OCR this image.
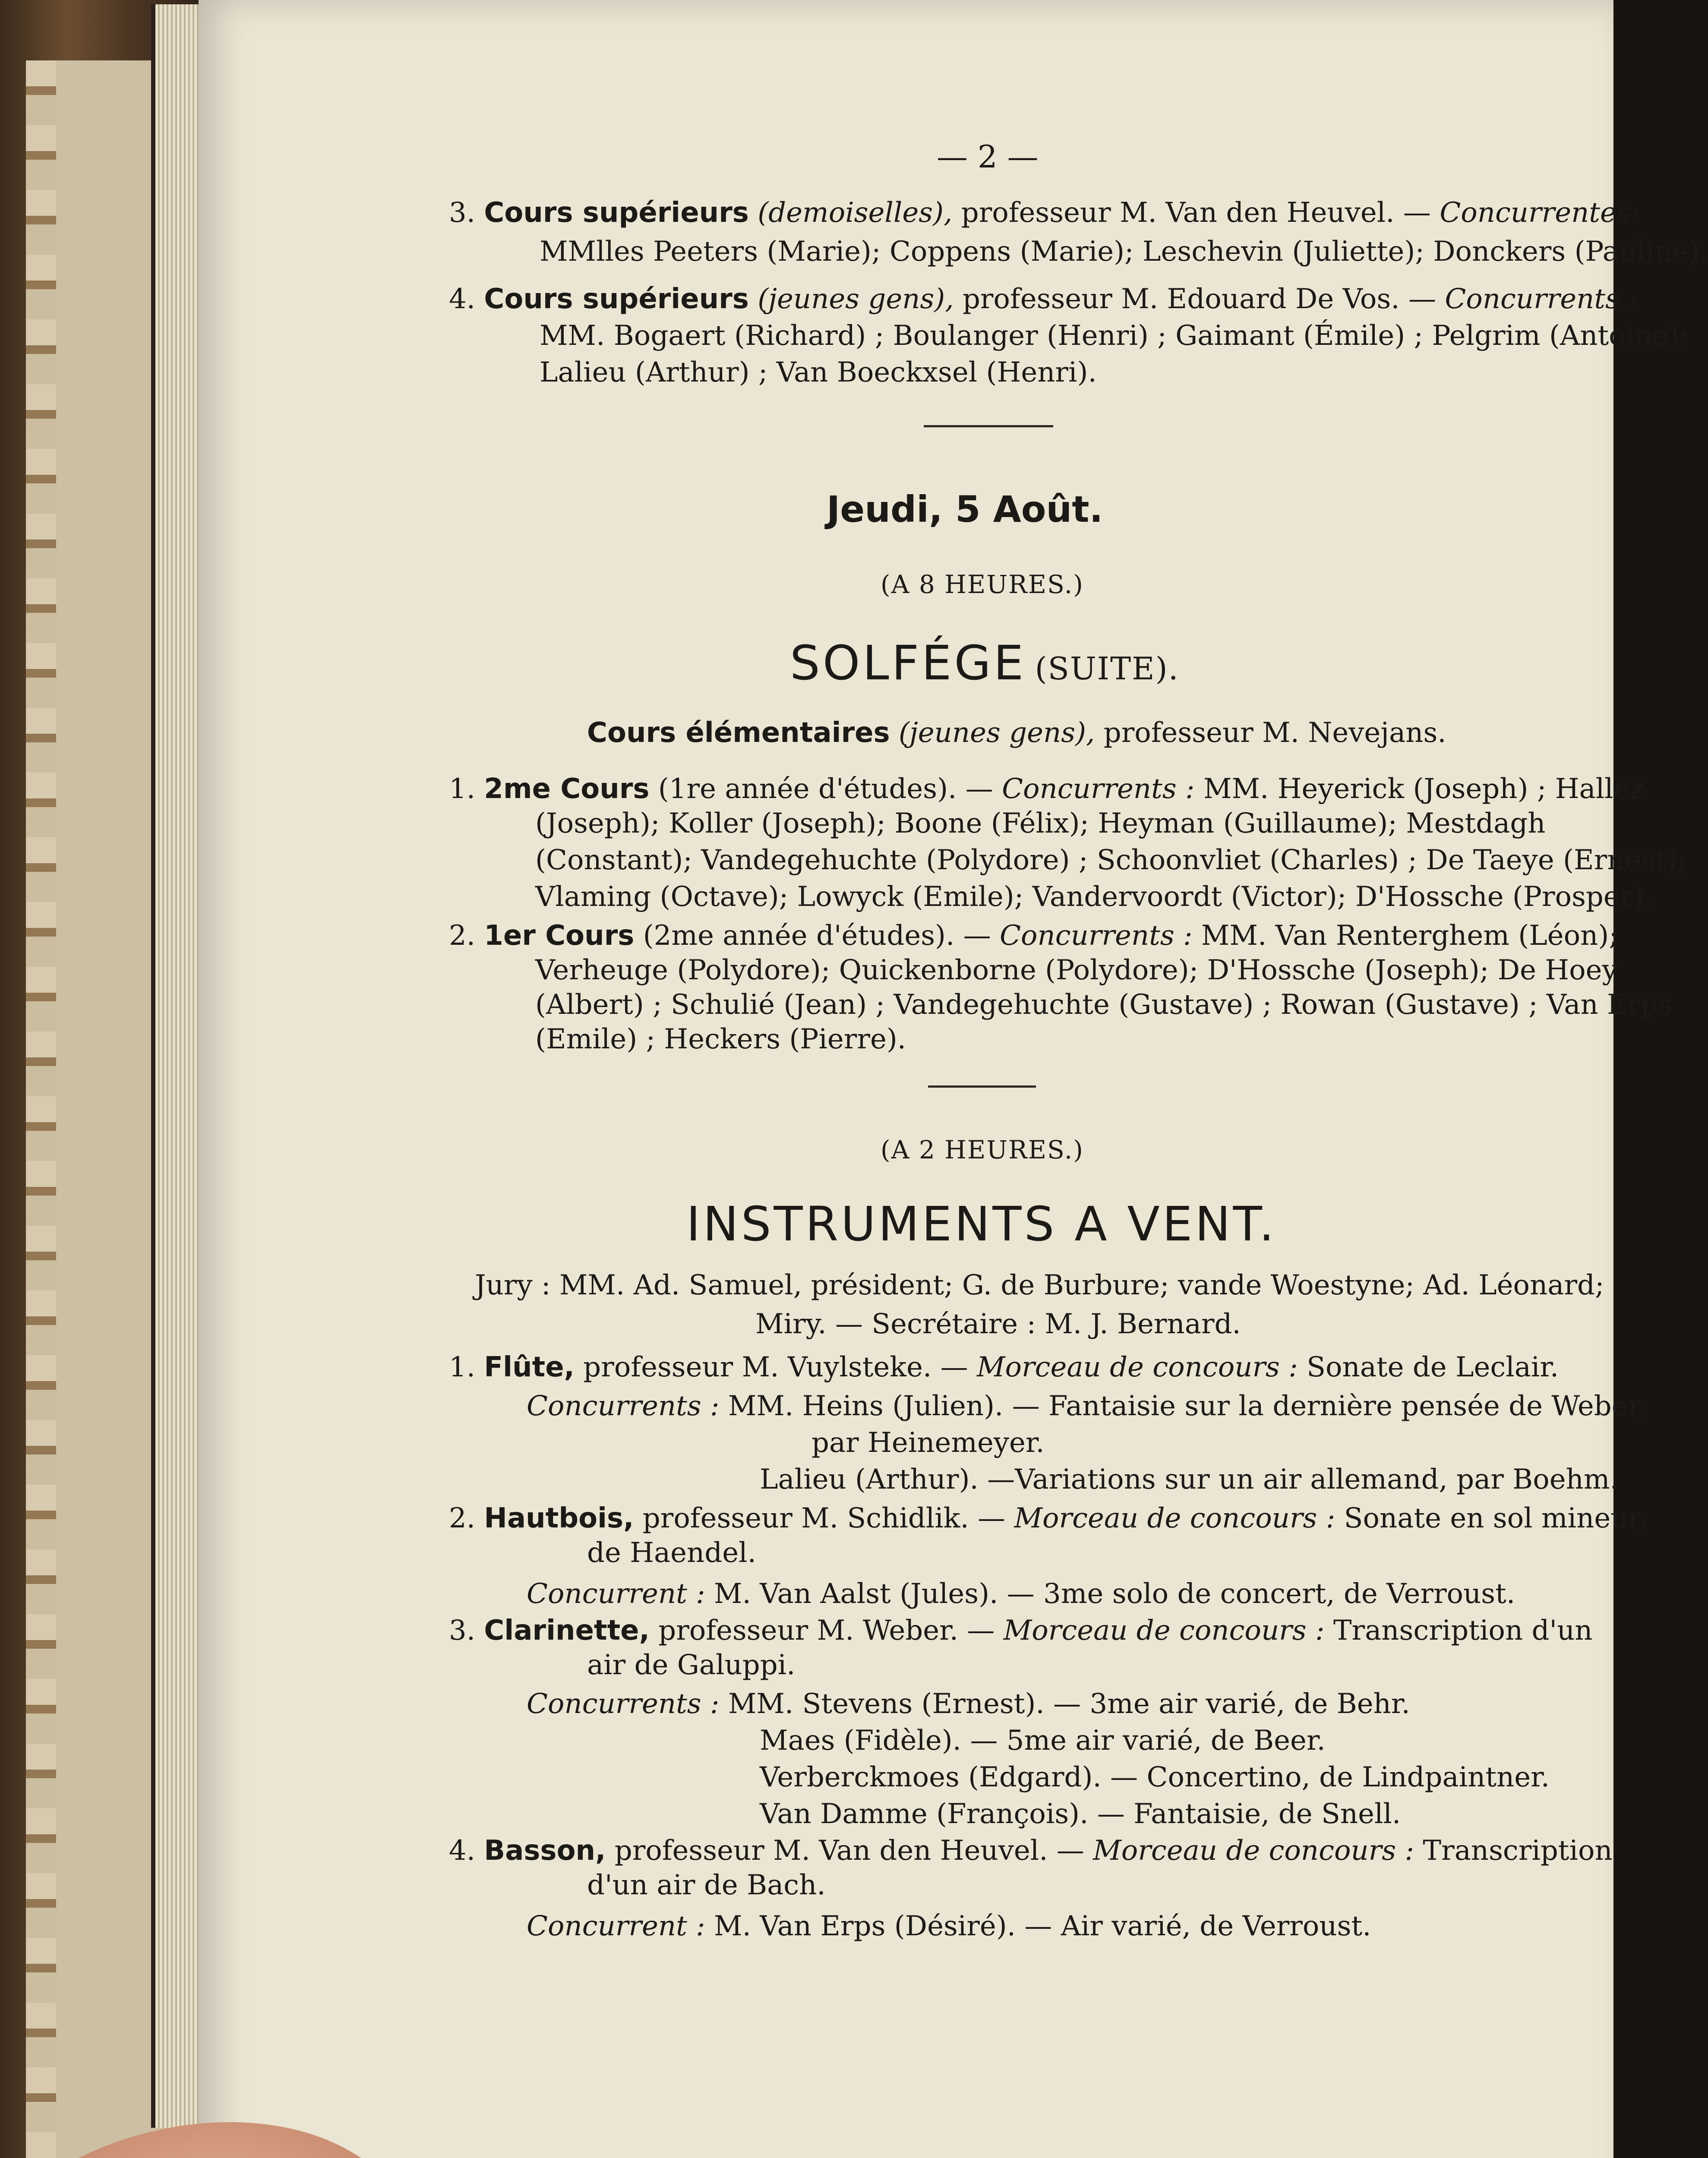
— 2 —
3. Cours supérieurs (demoiselles), professeur M. Van den Heuvel. — Concurrentes:
MMlles Peeters (Marie); Coppens (Marie); Leschevin (Juliette); Donckers (Pauline).
4. Cours supérieurs (jeunes gens), professeur M. Edouard De Vos. — Concurrents :
MM. Bogaert (Richard) ; Boulanger (Henri) ; Gaimant (Émile) ; Pelgrim (Antoine);
Lalieu (Arthur) ; Van Boeckxsel (Henri).
Jeudi, 5 Août.
(A 8 HEURES.)
SOLFÉGE (SUITE).
Cours élémentaires (jeunes gens), professeur M. Nevejans.
1. 2me Cours (1re année d'études). — Concurrents : MM. Heyerick (Joseph) ; Hallez
(Joseph); Koller (Joseph); Boone (Félix); Heyman (Guillaume); Mestdagh
(Constant); Vandegehuchte (Polydore) ; Schoonvliet (Charles) ; De Taeye (Ernest);
Vlaming (Octave); Lowyck (Emile); Vandervoordt (Victor); D'Hossche (Prosper).
2. 1er Cours (2me année d'études). — Concurrents : MM. Van Renterghem (Léon);
Verheuge (Polydore); Quickenborne (Polydore); D'Hossche (Joseph); De Hoey
(Albert) ; Schulié (Jean) ; Vandegehuchte (Gustave) ; Rowan (Gustave) ; Van Erps
(Emile) ; Heckers (Pierre).
(A 2 HEURES.)
INSTRUMENTS A VENT.
Jury : MM. Ad. Samuel, président; G. de Burbure; vande Woestyne; Ad. Léonard;
Miry. — Secrétaire : M. J. Bernard.
1. Flûte, professeur M. Vuylsteke. — Morceau de concours : Sonate de Leclair.
Concurrents : MM. Heins (Julien). — Fantaisie sur la dernière pensée de Weber,
par Heinemeyer.
Lalieu (Arthur). —Variations sur un air allemand, par Boehm.
2. Hautbois, professeur M. Schidlik. — Morceau de concours : Sonate en sol mineur,
de Haendel.
Concurrent : M. Van Aalst (Jules). — 3me solo de concert, de Verroust.
3. Clarinette, professeur M. Weber. — Morceau de concours : Transcription d'un
air de Galuppi.
Concurrents : MM. Stevens (Ernest). — 3me air varié, de Behr.
Maes (Fidèle). — 5me air varié, de Beer.
Verberckmoes (Edgard). — Concertino, de Lindpaintner.
Van Damme (François). — Fantaisie, de Snell.
4. Basson, professeur M. Van den Heuvel. — Morceau de concours : Transcription
d'un air de Bach.
Concurrent : M. Van Erps (Désiré). — Air varié, de Verroust.
